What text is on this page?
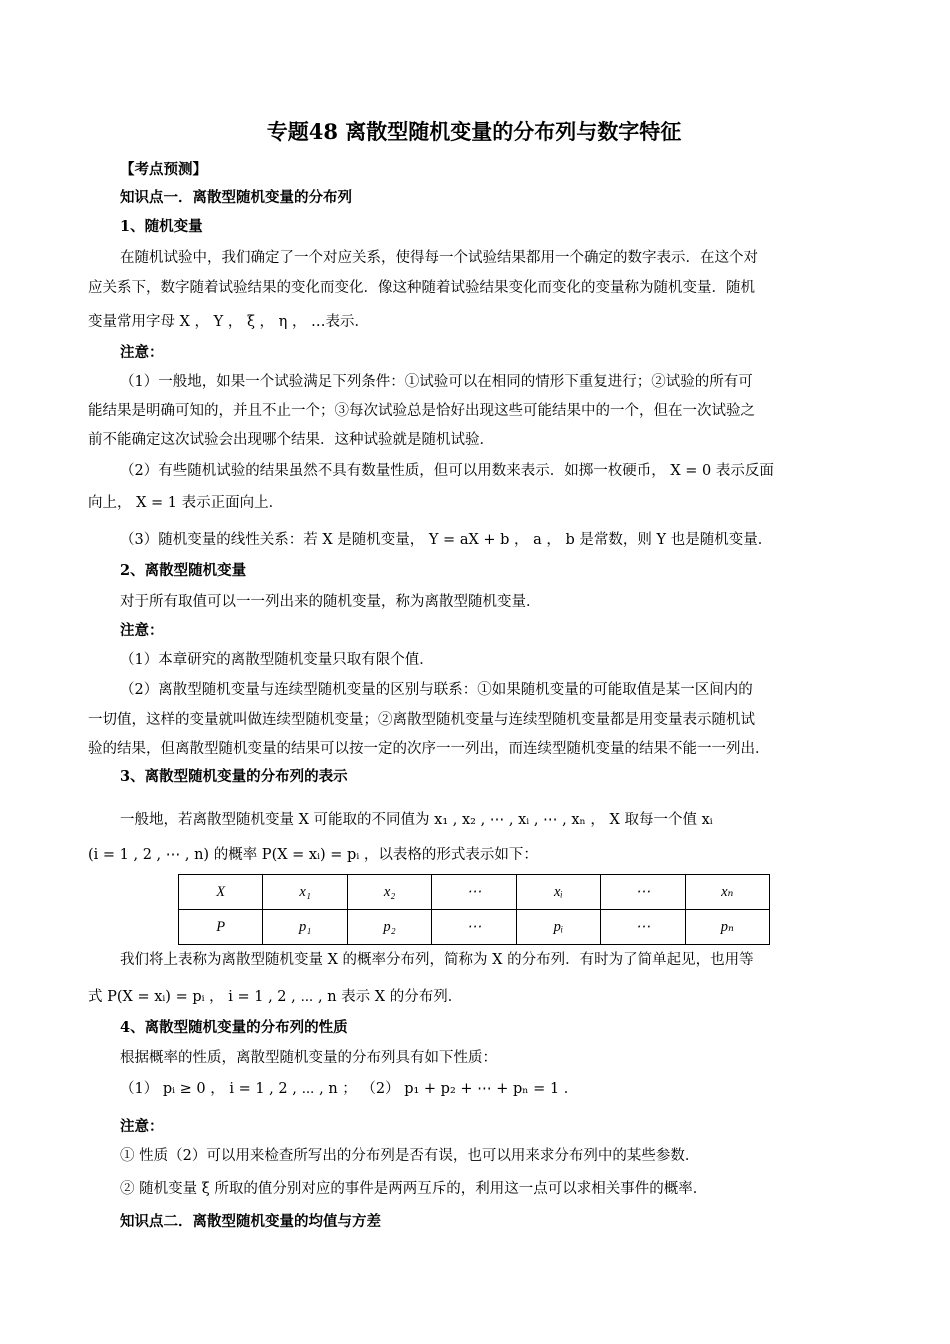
专题48 离散型随机变量的分布列与数字特征
【考点预测】
知识点一．离散型随机变量的分布列
1、随机变量
在随机试验中，我们确定了一个对应关系，使得每一个试验结果都用一个确定的数字表示．在这个对
应关系下，数字随着试验结果的变化而变化．像这种随着试验结果变化而变化的变量称为随机变量．随机
变量常用字母 X ， Y ， ξ ， η ， …表示．
注意：
（1）一般地，如果一个试验满足下列条件：①试验可以在相同的情形下重复进行；②试验的所有可
能结果是明确可知的，并且不止一个；③每次试验总是恰好出现这些可能结果中的一个，但在一次试验之
前不能确定这次试验会出现哪个结果．这种试验就是随机试验．
（2）有些随机试验的结果虽然不具有数量性质，但可以用数来表示．如掷一枚硬币， X = 0 表示反面
向上， X = 1 表示正面向上．
（3）随机变量的线性关系：若 X 是随机变量， Y = aX + b ， a ， b 是常数，则 Y 也是随机变量．
2、离散型随机变量
对于所有取值可以一一列出来的随机变量，称为离散型随机变量．
注意：
（1）本章研究的离散型随机变量只取有限个值．
（2）离散型随机变量与连续型随机变量的区别与联系：①如果随机变量的可能取值是某一区间内的
一切值，这样的变量就叫做连续型随机变量；②离散型随机变量与连续型随机变量都是用变量表示随机试
验的结果，但离散型随机变量的结果可以按一定的次序一一列出，而连续型随机变量的结果不能一一列出．
3、离散型随机变量的分布列的表示
一般地，若离散型随机变量 X 可能取的不同值为 x₁ , x₂ , ⋯ , xᵢ , ⋯ , xₙ ， X 取每一个值 xᵢ
(i = 1 , 2 , ⋯ , n) 的概率 P(X = xᵢ) = pᵢ ，以表格的形式表示如下：
X	x₁	x₂	⋯	xᵢ	⋯	xₙ
P	p₁	p₂	⋯	pᵢ	⋯	pₙ
我们将上表称为离散型随机变量 X 的概率分布列，简称为 X 的分布列．有时为了简单起见，也用等
式 P(X = xᵢ) = pᵢ ， i = 1 , 2 , ⋯ , n 表示 X 的分布列．
4、离散型随机变量的分布列的性质
根据概率的性质，离散型随机变量的分布列具有如下性质：
（1） pᵢ ≥ 0 ， i = 1 , 2 , ⋯ , n ； （2） p₁ + p₂ + ⋯ + pₙ = 1 ．
注意：
① 性质（2）可以用来检查所写出的分布列是否有误，也可以用来求分布列中的某些参数．
② 随机变量 ξ 所取的值分别对应的事件是两两互斥的，利用这一点可以求相关事件的概率．
知识点二．离散型随机变量的均值与方差
